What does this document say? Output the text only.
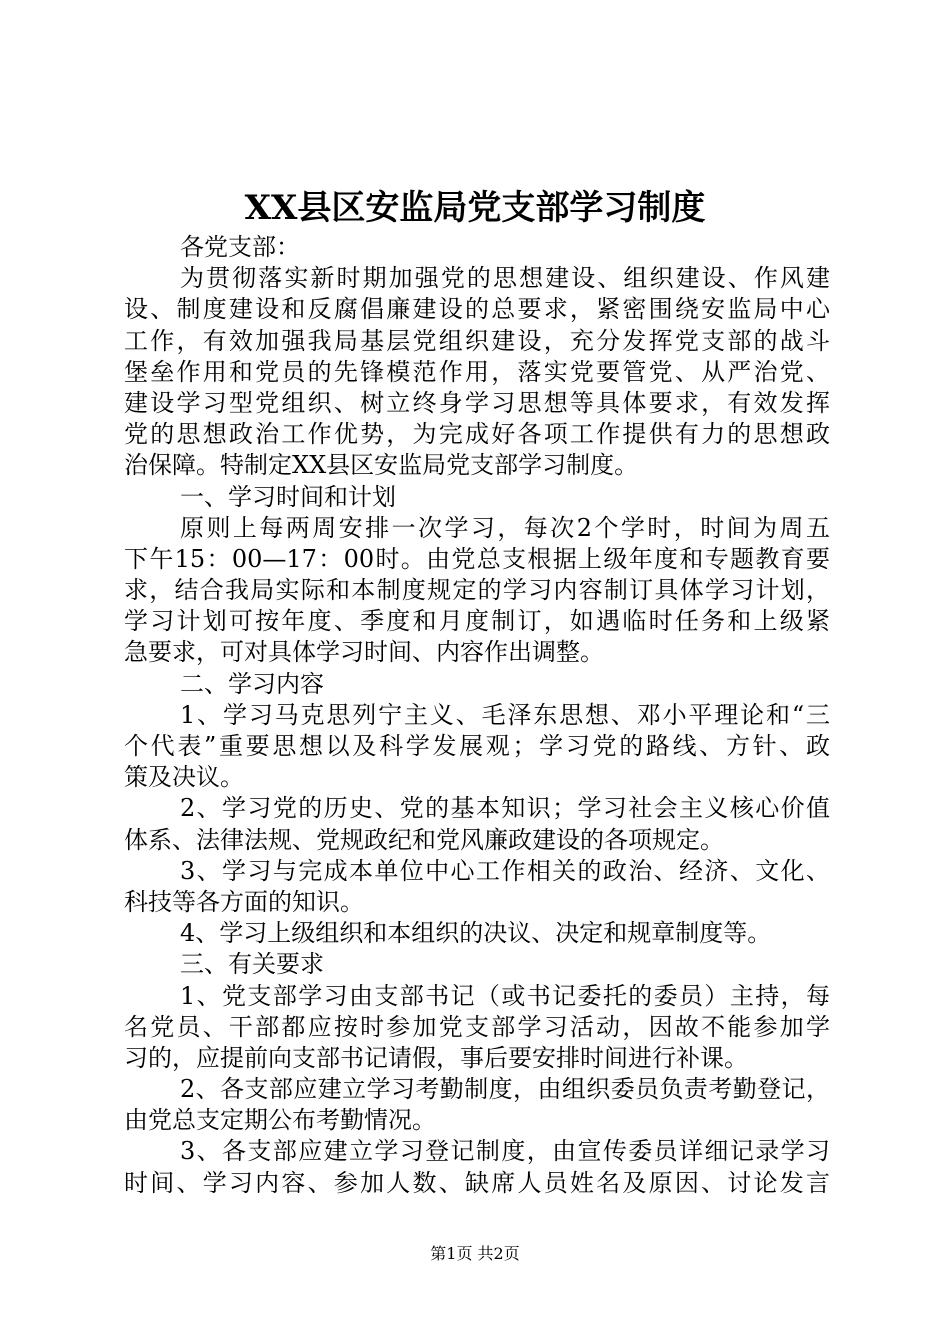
XX县区安监局党支部学习制度
各党支部：
为贯彻落实新时期加强党的思想建设、组织建设、作风建
设、制度建设和反腐倡廉建设的总要求，紧密围绕安监局中心
工作，有效加强我局基层党组织建设，充分发挥党支部的战斗
堡垒作用和党员的先锋模范作用，落实党要管党、从严治党、
建设学习型党组织、树立终身学习思想等具体要求，有效发挥
党的思想政治工作优势，为完成好各项工作提供有力的思想政
治保障。特制定XX县区安监局党支部学习制度。
一、学习时间和计划
原则上每两周安排一次学习，每次2个学时，时间为周五
下午15：00—17：00时。由党总支根据上级年度和专题教育要
求，结合我局实际和本制度规定的学习内容制订具体学习计划，
学习计划可按年度、季度和月度制订，如遇临时任务和上级紧
急要求，可对具体学习时间、内容作出调整。
二、学习内容
1、学习马克思列宁主义、毛泽东思想、邓小平理论和“三
个代表”重要思想以及科学发展观；学习党的路线、方针、政
策及决议。
2、学习党的历史、党的基本知识；学习社会主义核心价值
体系、法律法规、党规政纪和党风廉政建设的各项规定。
3、学习与完成本单位中心工作相关的政治、经济、文化、
科技等各方面的知识。
4、学习上级组织和本组织的决议、决定和规章制度等。
三、有关要求
1、党支部学习由支部书记（或书记委托的委员）主持，每
名党员、干部都应按时参加党支部学习活动，因故不能参加学
习的，应提前向支部书记请假，事后要安排时间进行补课。
2、各支部应建立学习考勤制度，由组织委员负责考勤登记，
由党总支定期公布考勤情况。
3、各支部应建立学习登记制度，由宣传委员详细记录学习
时间、学习内容、参加人数、缺席人员姓名及原因、讨论发言
第1页 共2页
